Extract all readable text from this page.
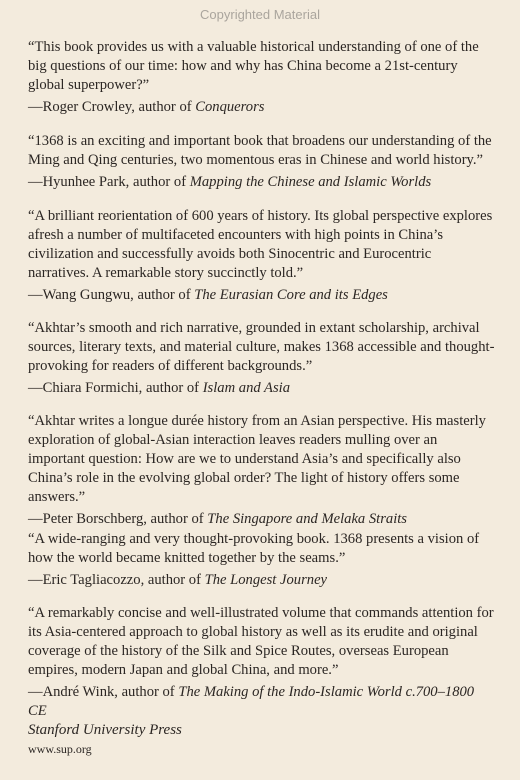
Copyrighted Material

“This book provides us with a valuable historical understanding of one of the big questions of our time: how and why has China become a 21st-century global superpower?”

—Roger Crowley, author of Conquerors

“1368 is an exciting and important book that broadens our understanding of the Ming and Qing centuries, two momentous eras in Chinese and world history.”

—Hyunhee Park, author of Mapping the Chinese and Islamic Worlds

“A brilliant reorientation of 600 years of history. Its global perspective explores afresh a number of multifaceted encounters with high points in China’s civilization and successfully avoids both Sinocentric and Eurocentric narratives. A remarkable story succinctly told.”

—Wang Gungwu, author of The Eurasian Core and its Edges

“Akhtar’s smooth and rich narrative, grounded in extant scholarship, archival sources, literary texts, and material culture, makes 1368 accessible and thought-provoking for readers of different backgrounds.”

—Chiara Formichi, author of Islam and Asia

“Akhtar writes a longue durée history from an Asian perspective. His masterly exploration of global-Asian interaction leaves readers mulling over an important question: How are we to understand Asia’s and specifically also China’s role in the evolving global order? The light of history offers some answers.”

—Peter Borschberg, author of The Singapore and Melaka Straits

“A wide-ranging and very thought-provoking book. 1368 presents a vision of how the world became knitted together by the seams.”

—Eric Tagliacozzo, author of The Longest Journey

“A remarkably concise and well-illustrated volume that commands attention for its Asia-centered approach to global history as well as its erudite and original coverage of the history of the Silk and Spice Routes, overseas European empires, modern Japan and global China, and more.”

—André Wink, author of The Making of the Indo-Islamic World c.700–1800 CE

Stanford University Press
www.sup.org
